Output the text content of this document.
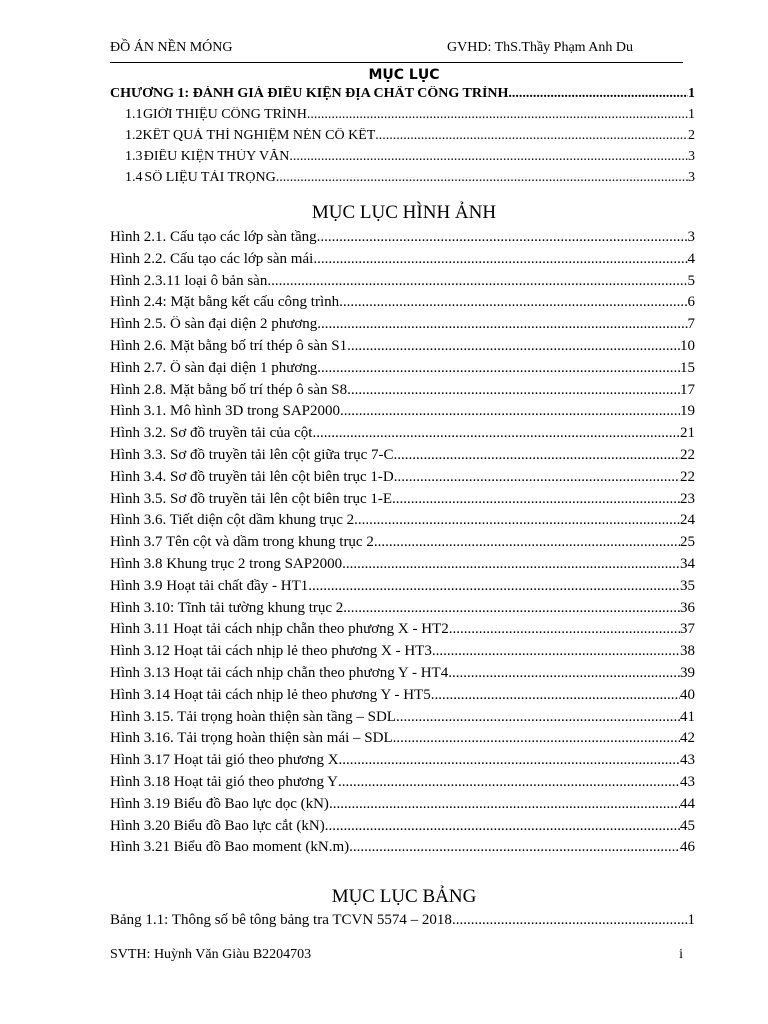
ĐỒ ÁN NỀN MÓNG	GVHD: ThS.Thầy Phạm Anh Du
MỤC LỤC
CHƯƠNG 1: ĐÁNH GIÁ ĐIỀU KIỆN ĐỊA CHẤT CÔNG TRÌNH .....	1
1.1 GIỚI THIỆU CÔNG TRÌNH .....	1
1.2 KẾT QUẢ THÍ NGHIỆM NÉN CỐ KẾT .....	2
1.3 ĐIỀU KIỆN THỦY VĂN .....	3
1.4 SỐ LIỆU TẢI TRỌNG .....	3
MỤC LỤC HÌNH ẢNH
Hình 2.1. Cấu tạo các lớp sàn tầng .....	3
Hình 2.2. Cấu tạo các lớp sàn mái .....	4
Hình 2.3.11 loại ô bản sàn .....	5
Hình 2.4: Mặt bằng kết cấu công trình .....	6
Hình 2.5. Ô sàn đại diện 2 phương .....	7
Hình 2.6. Mặt bằng bố trí thép ô sàn S1 .....	10
Hình 2.7. Ô sàn đại diện 1 phương .....	15
Hình 2.8. Mặt bằng bố trí thép ô sàn S8 .....	17
Hình 3.1. Mô hình 3D trong SAP2000 .....	19
Hình 3.2. Sơ đồ truyền tải của cột .....	21
Hình 3.3. Sơ đồ truyền tải lên cột giữa trục 7-C .....	22
Hình 3.4. Sơ đồ truyền tải lên cột biên trục 1-D .....	22
Hình 3.5. Sơ đồ truyền tải lên cột biên trục 1-E .....	23
Hình 3.6. Tiết diện cột dầm khung trục 2 .....	24
Hình 3.7 Tên cột và dầm trong khung trục 2 .....	25
Hình 3.8 Khung trục 2 trong SAP2000 .....	34
Hình 3.9 Hoạt tải chất đầy - HT1 .....	35
Hình 3.10: Tĩnh tải tường khung trục 2 .....	36
Hình 3.11 Hoạt tải cách nhịp chẵn theo phương X - HT2 .....	37
Hình 3.12 Hoạt tải cách nhịp lẻ theo phương X - HT3 .....	38
Hình 3.13 Hoạt tải cách nhịp chẵn theo phương Y - HT4 .....	39
Hình 3.14 Hoạt tải cách nhịp lẻ theo phương Y - HT5 .....	40
Hình 3.15. Tải trọng hoàn thiện sàn tầng – SDL .....	41
Hình 3.16. Tải trọng hoàn thiện sàn mái – SDL .....	42
Hình 3.17 Hoạt tải gió theo phương X .....	43
Hình 3.18 Hoạt tải gió theo phương Y .....	43
Hình 3.19 Biểu đồ Bao lực dọc (kN) .....	44
Hình 3.20 Biểu đồ Bao lực cắt (kN) .....	45
Hình 3.21 Biểu đồ Bao moment (kN.m) .....	46
MỤC LỤC BẢNG
Bảng 1.1: Thông số bê tông bảng tra TCVN 5574 – 2018 .....	1
SVTH: Huỳnh Văn Giàu B2204703	i
